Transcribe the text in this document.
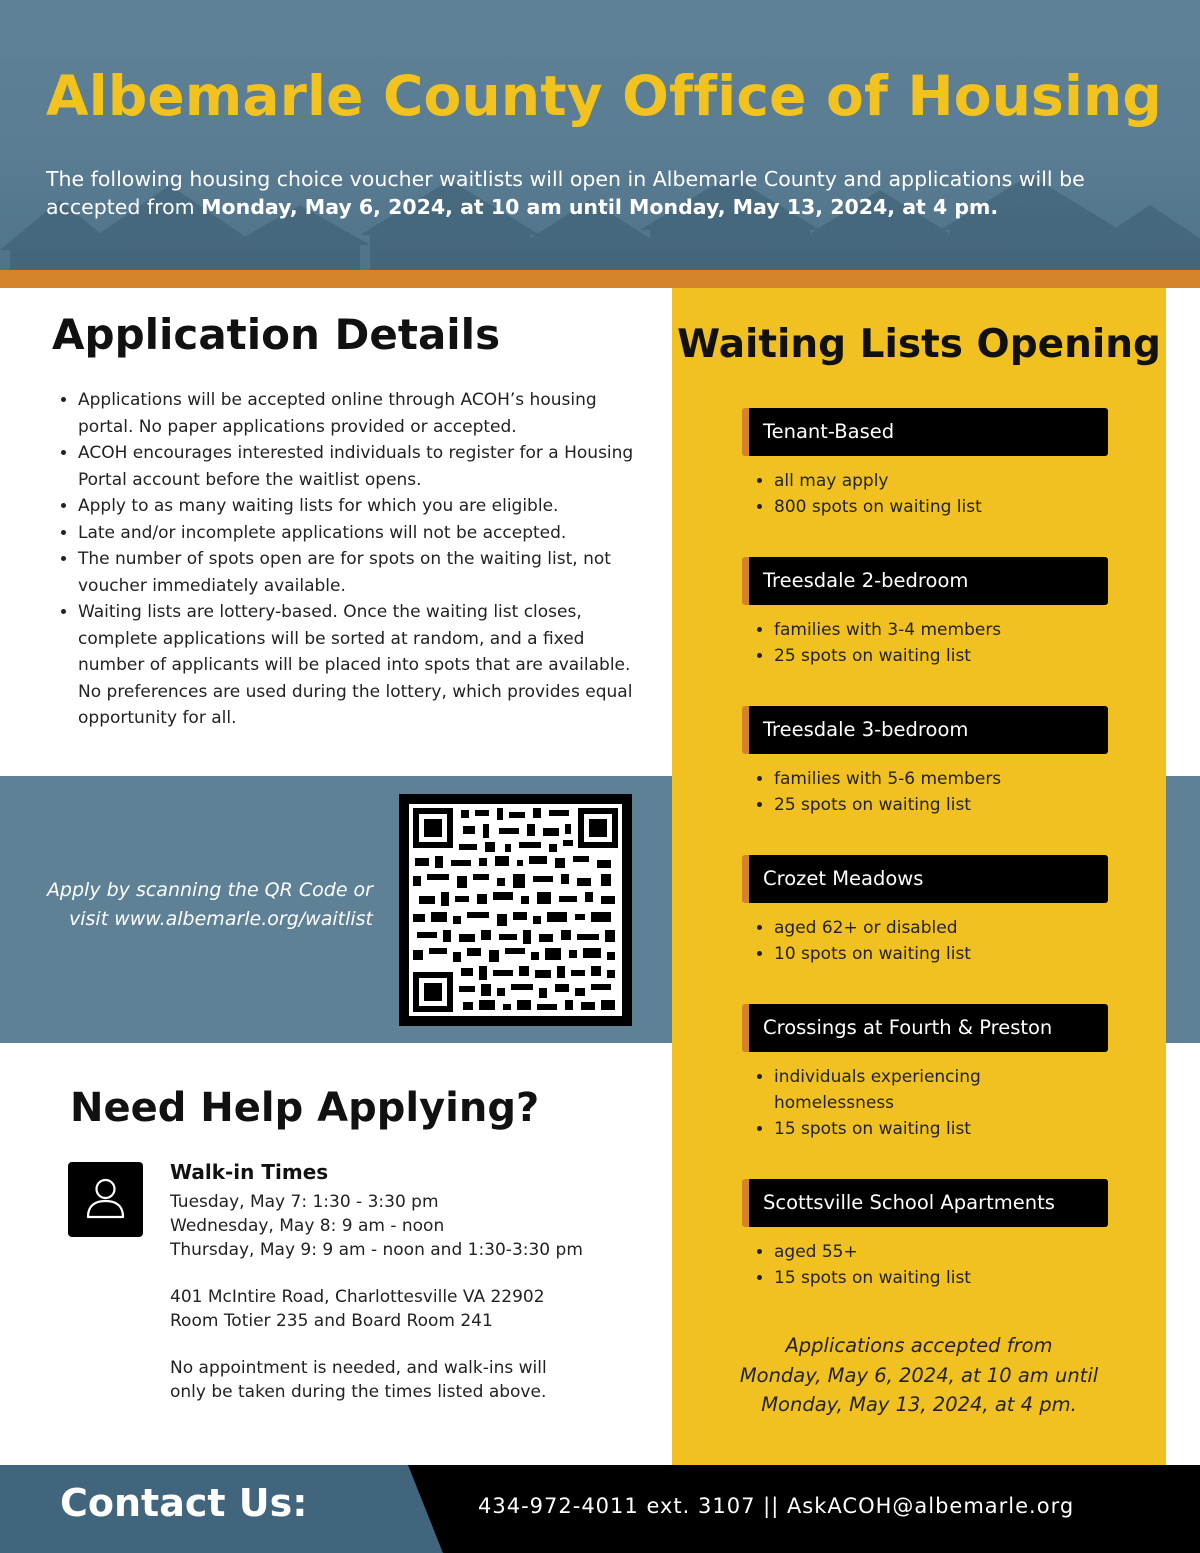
Albemarle County Office of Housing

The following housing choice voucher waitlists will open in Albemarle County and applications will be accepted from Monday, May 6, 2024, at 10 am until Monday, May 13, 2024, at 4 pm.

Application Details
• Applications will be accepted online through ACOH’s housing portal. No paper applications provided or accepted.
• ACOH encourages interested individuals to register for a Housing Portal account before the waitlist opens.
• Apply to as many waiting lists for which you are eligible.
• Late and/or incomplete applications will not be accepted.
• The number of spots open are for spots on the waiting list, not voucher immediately available.
• Waiting lists are lottery-based. Once the waiting list closes, complete applications will be sorted at random, and a fixed number of applicants will be placed into spots that are available. No preferences are used during the lottery, which provides equal opportunity for all.
Apply by scanning the QR Code or
visit www.albemarle.org/waitlist
Waiting Lists Opening
Tenant-Based
• all may apply
• 800 spots on waiting list
Treesdale 2-bedroom
• families with 3-4 members
• 25 spots on waiting list
Treesdale 3-bedroom
• families with 5-6 members
• 25 spots on waiting list
Crozet Meadows
• aged 62+ or disabled
• 10 spots on waiting list
Crossings at Fourth & Preston
• individuals experiencing homelessness
• 15 spots on waiting list
Scottsville School Apartments
• aged 55+
• 15 spots on waiting list
Applications accepted from
Monday, May 6, 2024, at 10 am until
Monday, May 13, 2024, at 4 pm.
Need Help Applying?
Walk-in Times

Tuesday, May 7: 1:30 - 3:30 pm

Wednesday, May 8: 9 am - noon

Thursday, May 9: 9 am - noon and 1:30-3:30 pm

401 McIntire Road, Charlottesville VA 22902

Room Totier 235 and Board Room 241

No appointment is needed, and walk-ins will

only be taken during the times listed above.

Contact Us:	434-972-4011 ext. 3107 || AskACOH@albemarle.org
